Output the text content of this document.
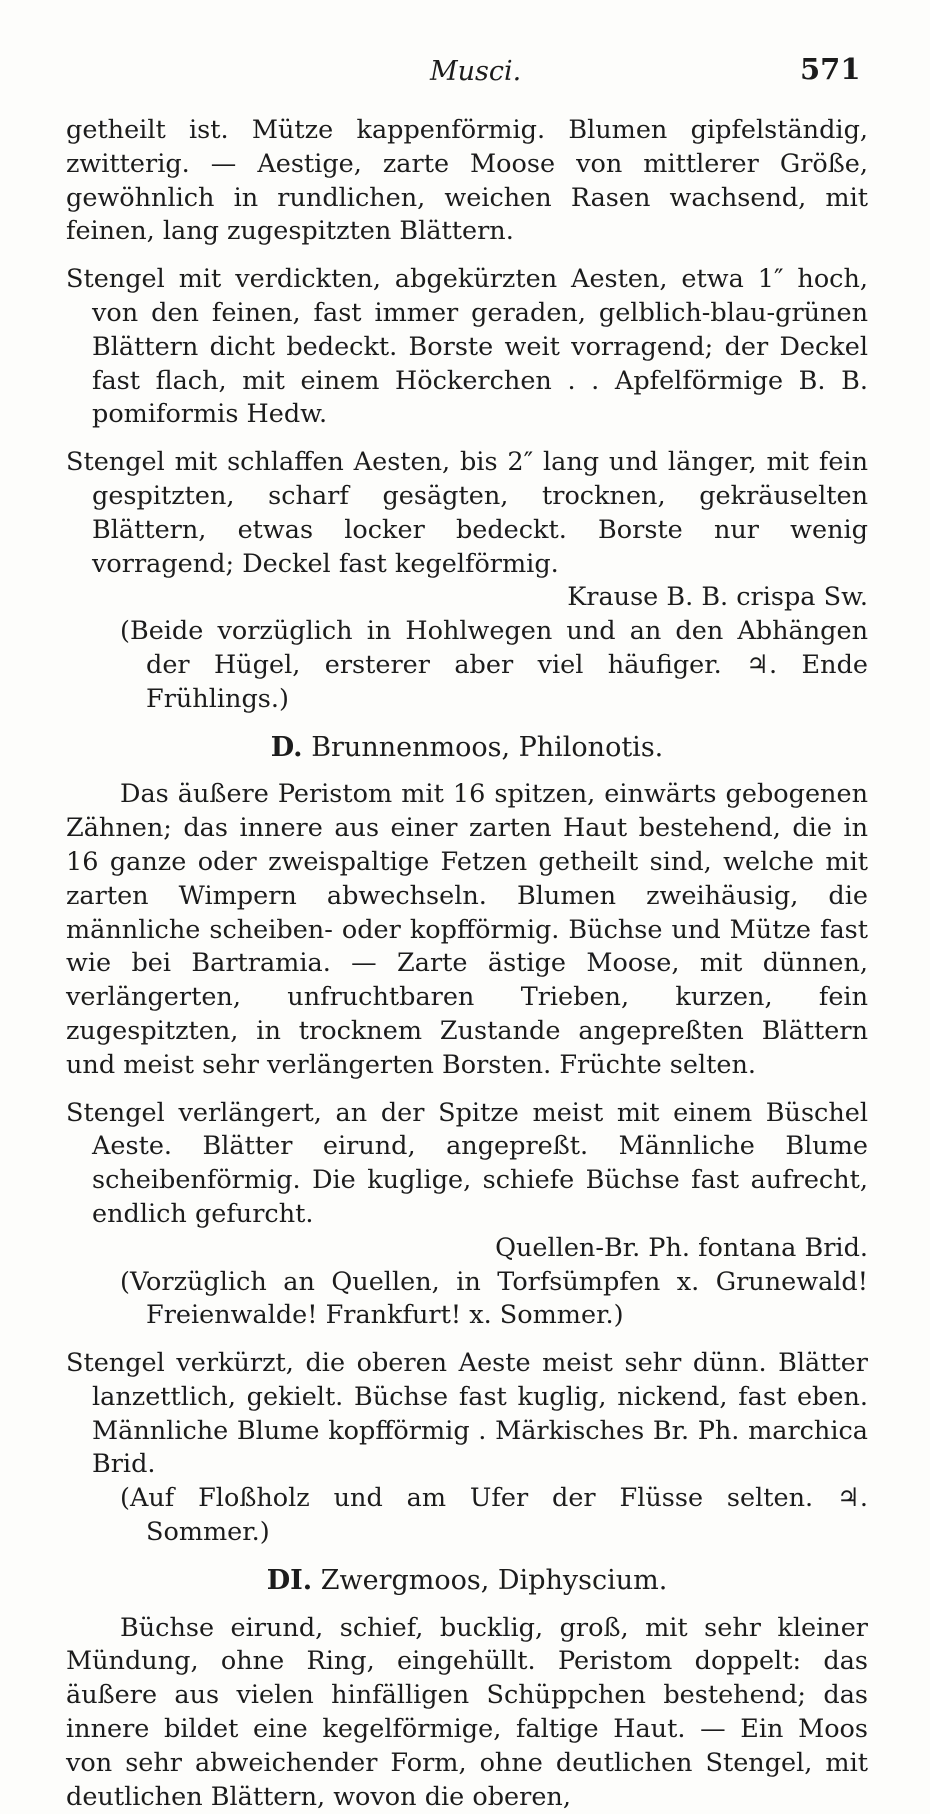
Musci.	571

getheilt ist. Mütze kappenförmig. Blumen gipfelständig, zwitterig. — Aestige, zarte Moose von mittlerer Größe, gewöhnlich in rundlichen, weichen Rasen wachsend, mit feinen, lang zugespitzten Blättern.

Stengel mit verdickten, abgekürzten Aesten, etwa 1″ hoch, von den feinen, fast immer geraden, gelblich-blau-grünen Blättern dicht bedeckt. Borste weit vorragend; der Deckel fast flach, mit einem Höckerchen . . Apfelförmige B. B. pomiformis Hedw.

Stengel mit schlaffen Aesten, bis 2″ lang und länger, mit fein gespitzten, scharf gesägten, trocknen, gekräuselten Blättern, etwas locker bedeckt. Borste nur wenig vorragend; Deckel fast kegelförmig.

Krause B. B. crispa Sw.

(Beide vorzüglich in Hohlwegen und an den Abhängen der Hügel, ersterer aber viel häufiger. ♃. Ende Frühlings.)

D. Brunnenmoos, Philonotis.

Das äußere Peristom mit 16 spitzen, einwärts gebogenen Zähnen; das innere aus einer zarten Haut bestehend, die in 16 ganze oder zweispaltige Fetzen getheilt sind, welche mit zarten Wimpern abwechseln. Blumen zweihäusig, die männliche scheiben- oder kopfförmig. Büchse und Mütze fast wie bei Bartramia. — Zarte ästige Moose, mit dünnen, verlängerten, unfruchtbaren Trieben, kurzen, fein zugespitzten, in trocknem Zustande angepreßten Blättern und meist sehr verlängerten Borsten. Früchte selten.

Stengel verlängert, an der Spitze meist mit einem Büschel Aeste. Blätter eirund, angepreßt. Männliche Blume scheibenförmig. Die kuglige, schiefe Büchse fast aufrecht, endlich gefurcht.

Quellen-Br. Ph. fontana Brid.

(Vorzüglich an Quellen, in Torfsümpfen x. Grunewald! Freienwalde! Frankfurt! x. Sommer.)

Stengel verkürzt, die oberen Aeste meist sehr dünn. Blätter lanzettlich, gekielt. Büchse fast kuglig, nickend, fast eben. Männliche Blume kopfförmig . Märkisches Br. Ph. marchica Brid.

(Auf Floßholz und am Ufer der Flüsse selten. ♃. Sommer.)

DI. Zwergmoos, Diphyscium.

Büchse eirund, schief, bucklig, groß, mit sehr kleiner Mündung, ohne Ring, eingehüllt. Peristom doppelt: das äußere aus vielen hinfälligen Schüppchen bestehend; das innere bildet eine kegelförmige, faltige Haut. — Ein Moos von sehr abweichender Form, ohne deutlichen Stengel, mit deutlichen Blättern, wovon die oberen,
